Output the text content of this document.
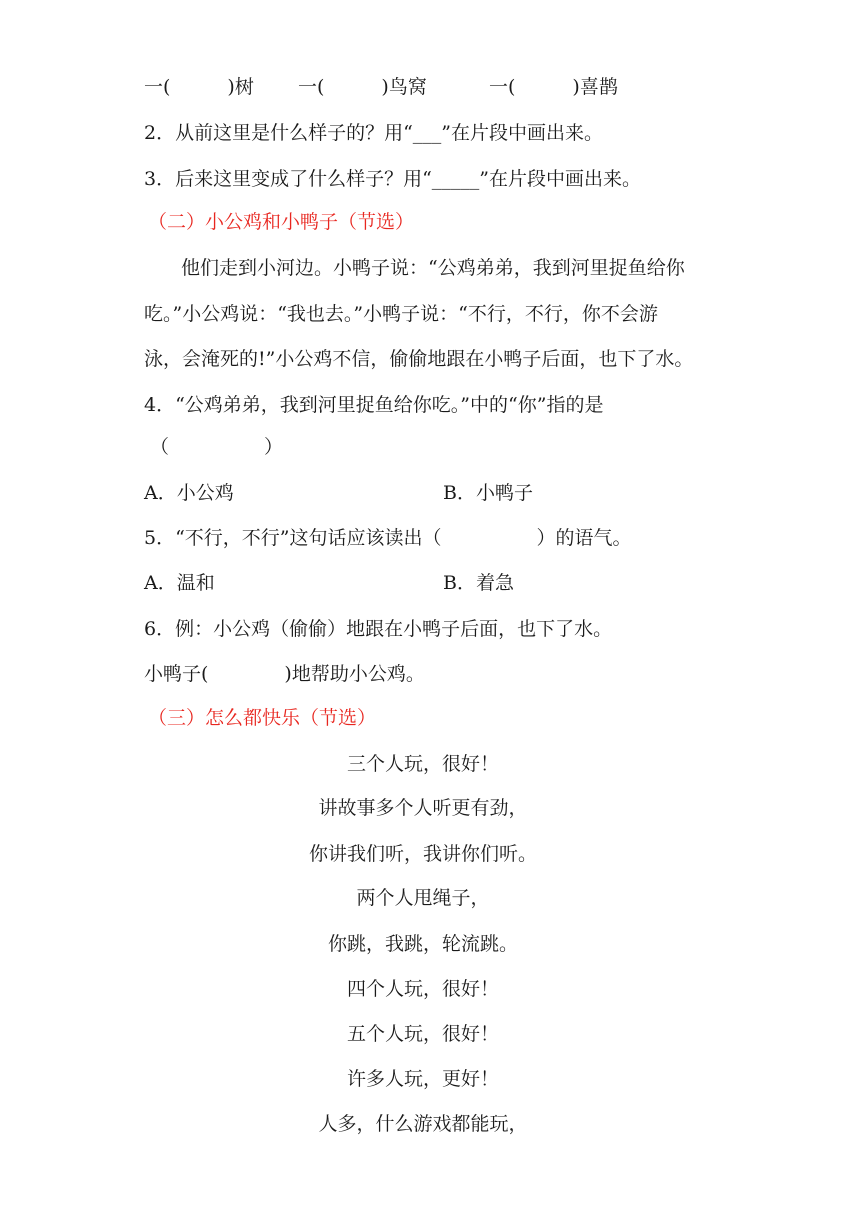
一(　　　)树 一(　　　)鸟窝	一(　　　)喜鹊
2．从前这里是什么样子的？用“___”在片段中画出来。
3．后来这里变成了什么样子？用“_____”在片段中画出来。
（二）小公鸡和小鸭子（节选）
　他们走到小河边。小鸭子说：“公鸡弟弟，我到河里捉鱼给你
吃。”小公鸡说：“我也去。”小鸭子说：“不行，不行，你不会游
泳，会淹死的!”小公鸡不信，偷偷地跟在小鸭子后面，也下了水。
4．“公鸡弟弟，我到河里捉鱼给你吃。”中的“你”指的是
（　　　　　）
A．小公鸡	B．小鸭子
5．“不行，不行”这句话应该读出（　　　　　）的语气。
A．温和	B．着急
6．例：小公鸡（偷偷）地跟在小鸭子后面，也下了水。
小鸭子(　　　　)地帮助小公鸡。
（三）怎么都快乐（节选）
三个人玩，很好！
讲故事多个人听更有劲，
你讲我们听，我讲你们听。
两个人甩绳子，
你跳，我跳，轮流跳。
四个人玩，很好！
五个人玩，很好！
许多人玩，更好！
人多，什么游戏都能玩，
